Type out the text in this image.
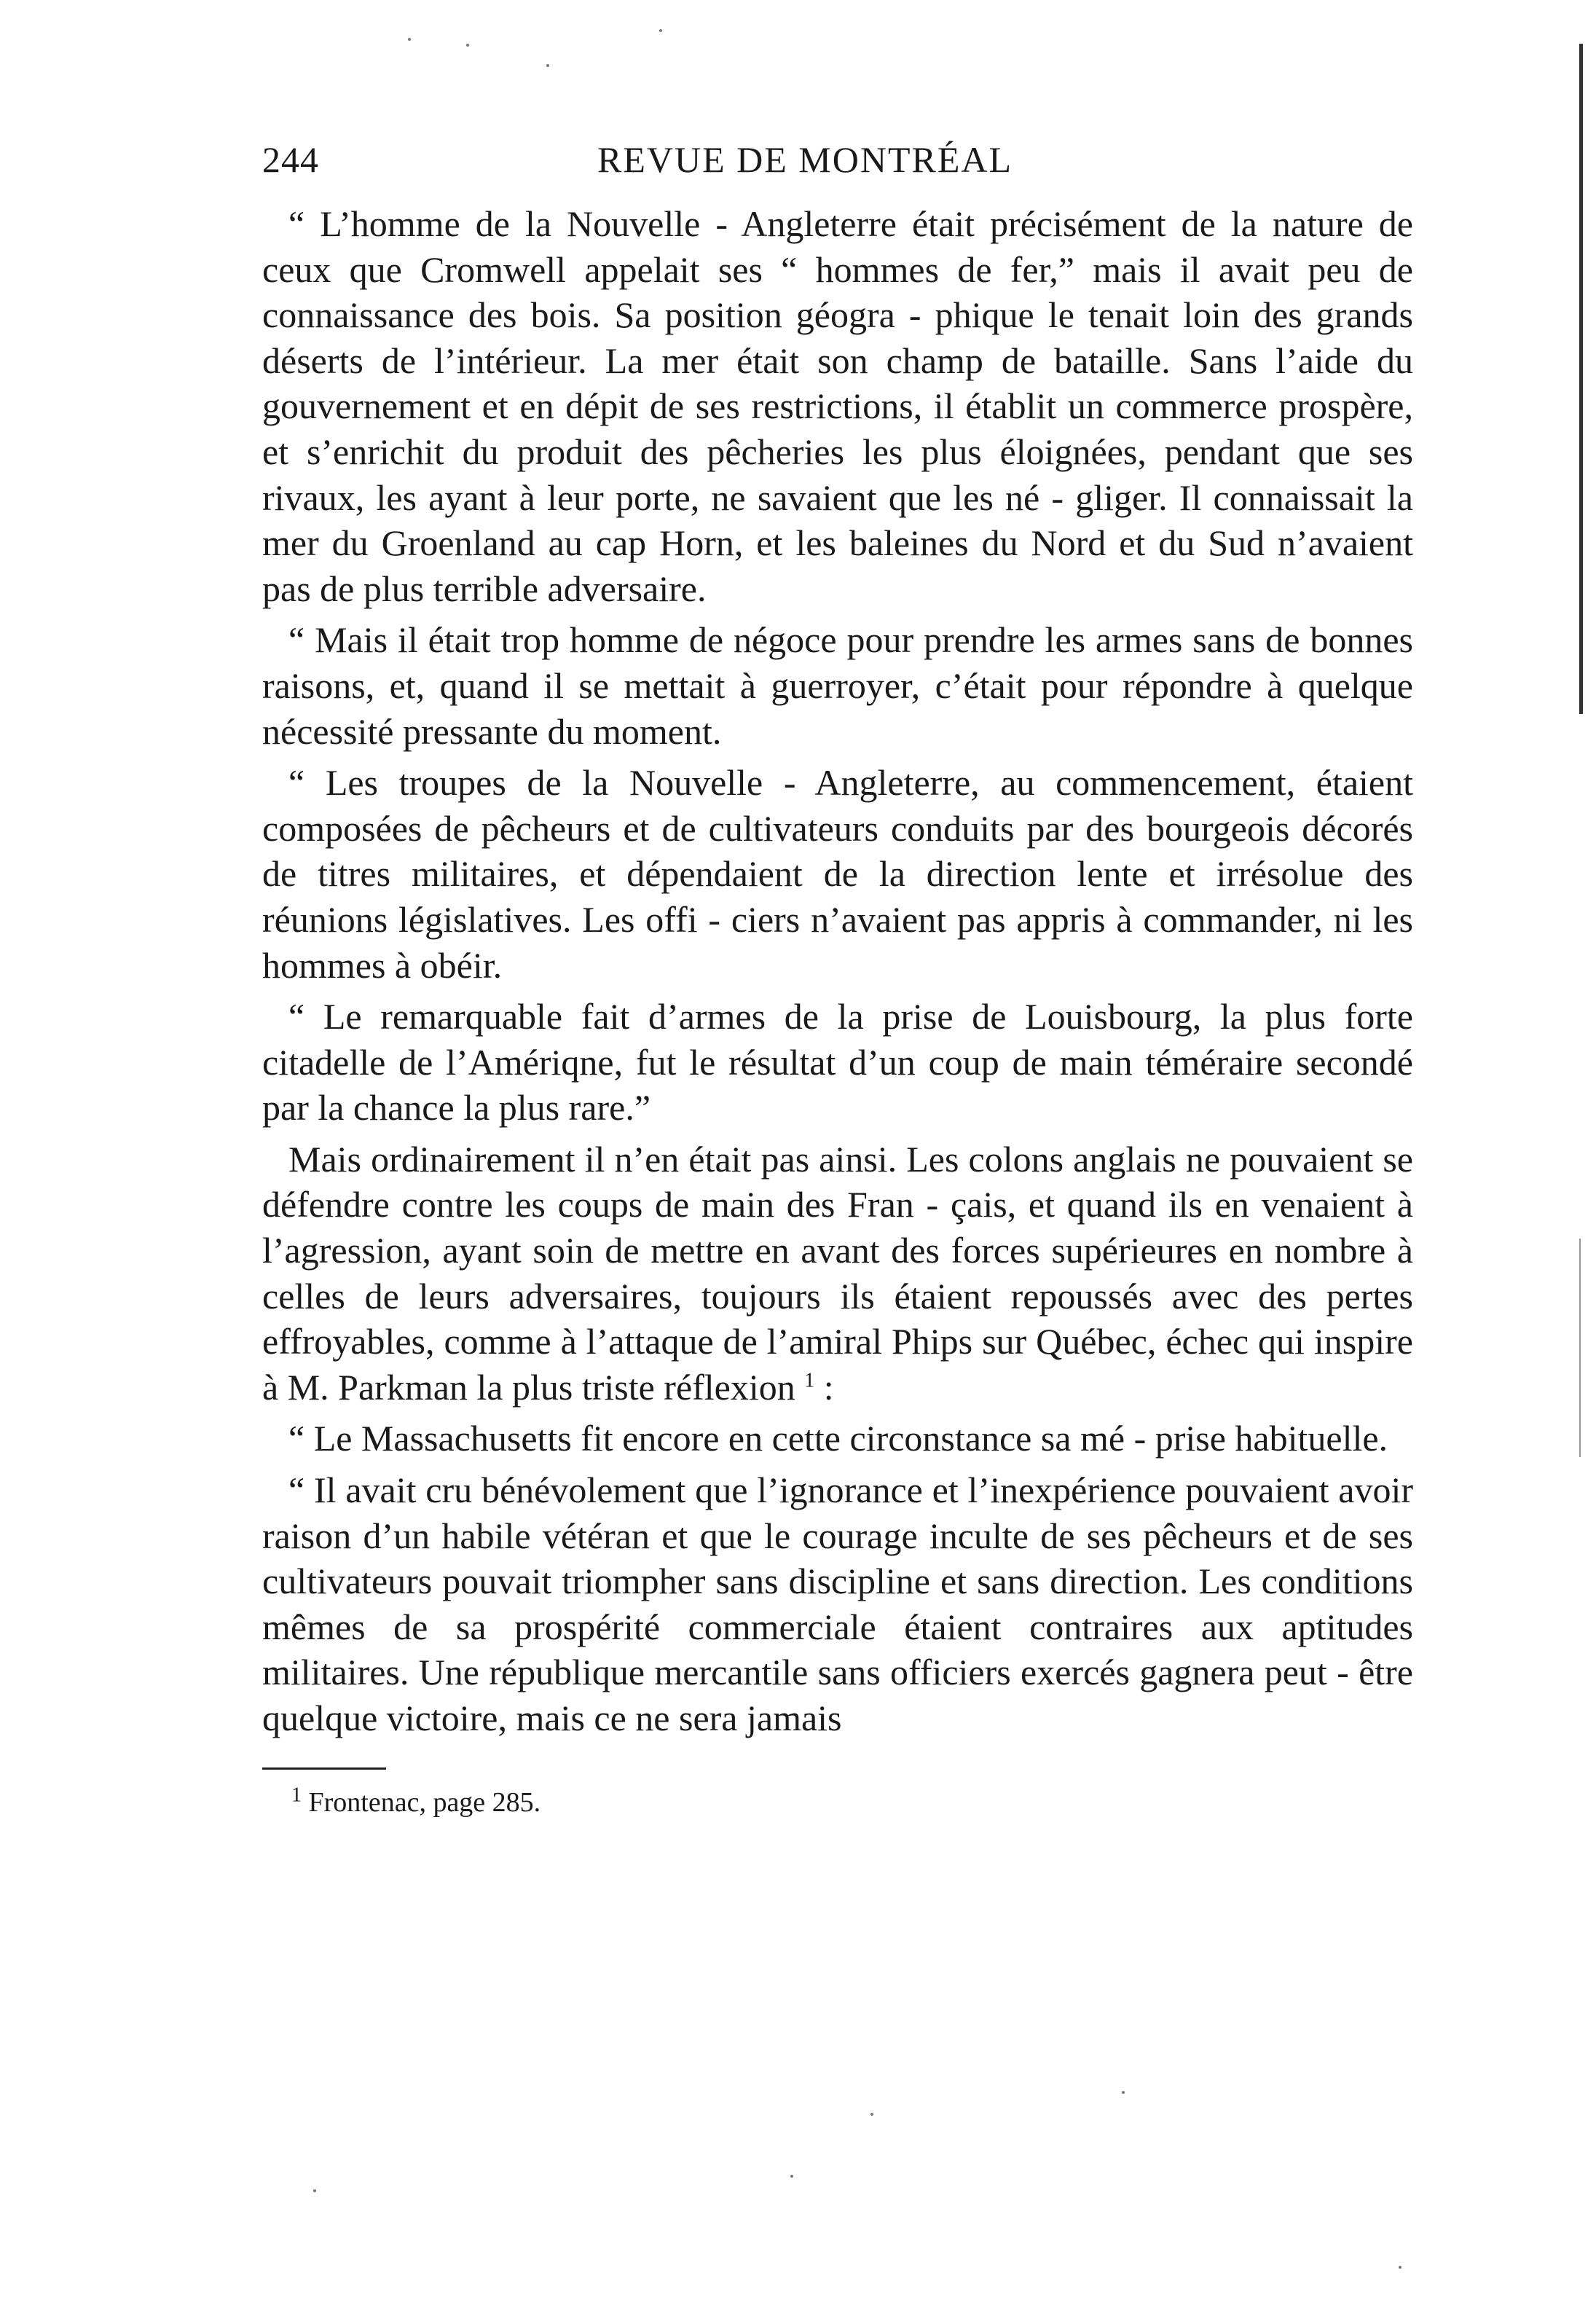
244	REVUE DE MONTRÉAL

“ L’homme de la Nouvelle - Angleterre était précisément de la nature de ceux que Cromwell appelait ses “ hommes de fer,” mais il avait peu de connaissance des bois. Sa position géogra - phique le tenait loin des grands déserts de l’intérieur. La mer était son champ de bataille. Sans l’aide du gouvernement et en dépit de ses restrictions, il établit un commerce prospère, et s’enrichit du produit des pêcheries les plus éloignées, pendant que ses rivaux, les ayant à leur porte, ne savaient que les né - gliger. Il connaissait la mer du Groenland au cap Horn, et les baleines du Nord et du Sud n’avaient pas de plus terrible adversaire.

“ Mais il était trop homme de négoce pour prendre les armes sans de bonnes raisons, et, quand il se mettait à guerroyer, c’était pour répondre à quelque nécessité pressante du moment.

“ Les troupes de la Nouvelle - Angleterre, au commencement, étaient composées de pêcheurs et de cultivateurs conduits par des bourgeois décorés de titres militaires, et dépendaient de la direction lente et irrésolue des réunions législatives. Les offi - ciers n’avaient pas appris à commander, ni les hommes à obéir.

“ Le remarquable fait d’armes de la prise de Louisbourg, la plus forte citadelle de l’Amériqne, fut le résultat d’un coup de main téméraire secondé par la chance la plus rare.”

Mais ordinairement il n’en était pas ainsi. Les colons anglais ne pouvaient se défendre contre les coups de main des Fran - çais, et quand ils en venaient à l’agression, ayant soin de mettre en avant des forces supérieures en nombre à celles de leurs adversaires, toujours ils étaient repoussés avec des pertes effroyables, comme à l’attaque de l’amiral Phips sur Québec, échec qui inspire à M. Parkman la plus triste réflexion $^1$ :

“ Le Massachusetts fit encore en cette circonstance sa mé - prise habituelle.

“ Il avait cru bénévolement que l’ignorance et l’inexpérience pouvaient avoir raison d’un habile vétéran et que le courage inculte de ses pêcheurs et de ses cultivateurs pouvait triompher sans discipline et sans direction. Les conditions mêmes de sa prospérité commerciale étaient contraires aux aptitudes militaires. Une république mercantile sans officiers exercés gagnera peut - être quelque victoire, mais ce ne sera jamais

$^1$ Frontenac, page 285.
